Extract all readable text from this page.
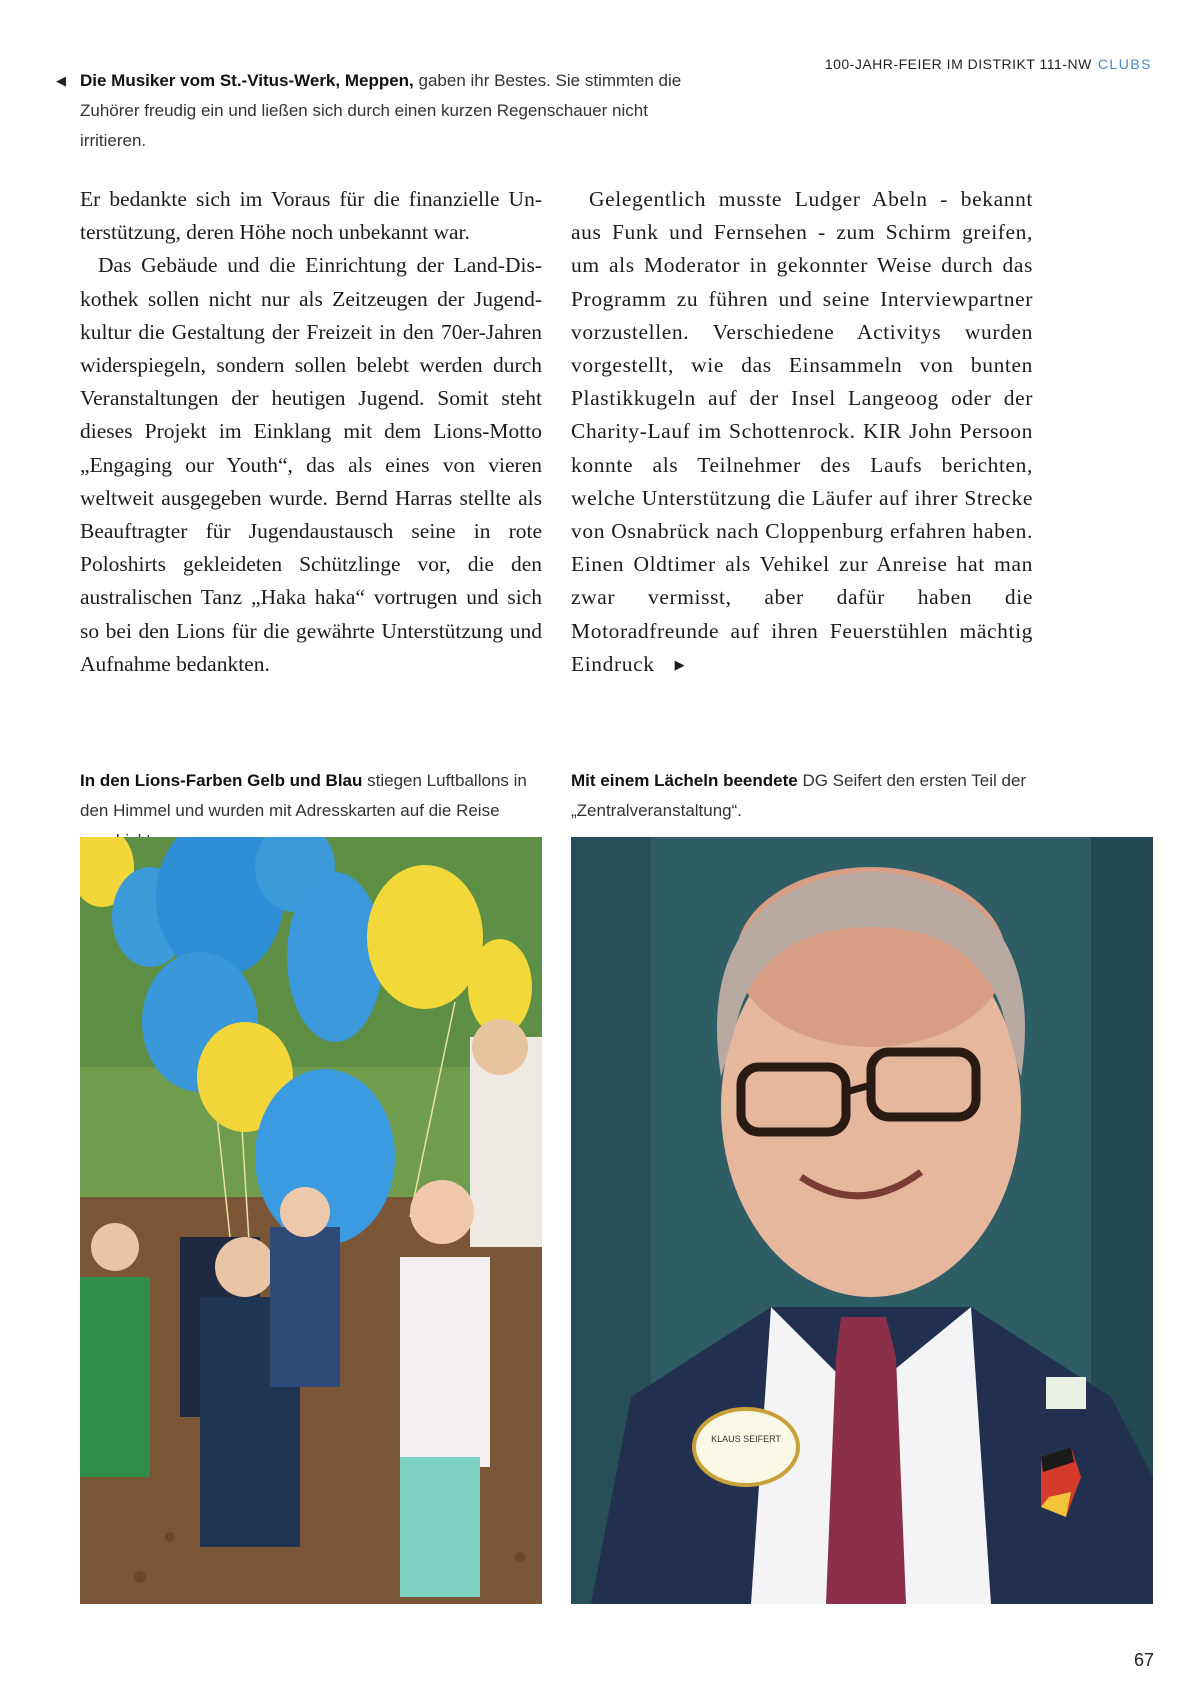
◀ Die Musiker vom St.-Vitus-Werk, Meppen, gaben ihr Bestes. Sie stimmten die Zuhörer freudig ein und ließen sich durch einen kurzen Regenschauer nicht irritieren.
100-JAHR-FEIER IM DISTRIKT 111-NW CLUBS

Er bedankte sich im Voraus für die finanzielle Unterstützung, deren Höhe noch unbekannt war.

Das Gebäude und die Einrichtung der Land-Diskothek sollen nicht nur als Zeitzeugen der Jugendkultur die Gestaltung der Freizeit in den 70er-Jahren widerspiegeln, sondern sollen belebt werden durch Veranstaltungen der heutigen Jugend. Somit steht dieses Projekt im Einklang mit dem Lions-Motto „Engaging our Youth“, das als eines von vieren weltweit ausgegeben wurde. Bernd Harras stellte als Beauftragter für Jugendaustausch seine in rote Poloshirts gekleideten Schützlinge vor, die den australischen Tanz „Haka haka“ vortrugen und sich so bei den Lions für die gewährte Unterstützung und Aufnahme bedankten.

Gelegentlich musste Ludger Abeln - bekannt aus Funk und Fernsehen - zum Schirm greifen, um als Moderator in gekonnter Weise durch das Programm zu führen und seine Interviewpartner vorzustellen. Verschiedene Activitys wurden vorgestellt, wie das Einsammeln von bunten Plastikkugeln auf der Insel Langeoog oder der Charity-Lauf im Schottenrock. KIR John Persoon konnte als Teilnehmer des Laufs berichten, welche Unterstützung die Läufer auf ihrer Strecke von Osnabrück nach Cloppenburg erfahren haben. Einen Oldtimer als Vehikel zur Anreise hat man zwar vermisst, aber dafür haben die Motoradfreunde auf ihren Feuerstühlen mächtig Eindruck ▶

In den Lions-Farben Gelb und Blau stiegen Luftballons in den Himmel und wurden mit Adresskarten auf die Reise
Mit einem Lächeln beendete DG Seifert den ersten Teil der „Zentralveranstaltung“.
KLAUS SEIFERT
67
